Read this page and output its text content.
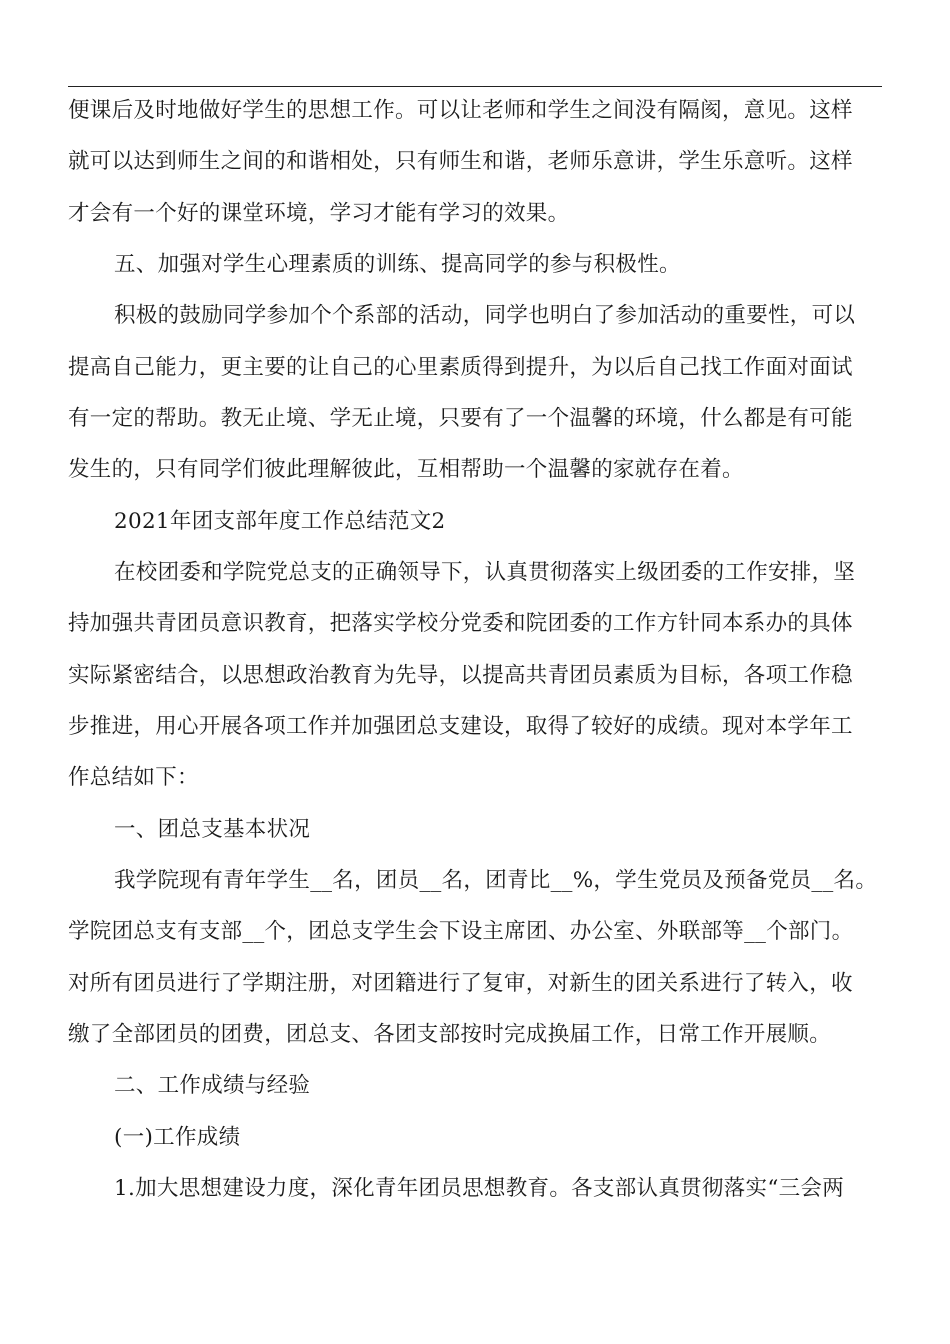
便课后及时地做好学生的思想工作。可以让老师和学生之间没有隔阂，意见。这样
就可以达到师生之间的和谐相处，只有师生和谐，老师乐意讲，学生乐意听。这样
才会有一个好的课堂环境，学习才能有学习的效果。
五、加强对学生心理素质的训练、提高同学的参与积极性。
积极的鼓励同学参加个个系部的活动，同学也明白了参加活动的重要性，可以
提高自己能力，更主要的让自己的心里素质得到提升，为以后自己找工作面对面试
有一定的帮助。教无止境、学无止境，只要有了一个温馨的环境，什么都是有可能
发生的，只有同学们彼此理解彼此，互相帮助一个温馨的家就存在着。
2021年团支部年度工作总结范文2
在校团委和学院党总支的正确领导下，认真贯彻落实上级团委的工作安排，坚
持加强共青团员意识教育，把落实学校分党委和院团委的工作方针同本系办的具体
实际紧密结合，以思想政治教育为先导，以提高共青团员素质为目标，各项工作稳
步推进，用心开展各项工作并加强团总支建设，取得了较好的成绩。现对本学年工
作总结如下：
一、团总支基本状况
我学院现有青年学生__名，团员__名，团青比__%，学生党员及预备党员__名。
学院团总支有支部__个，团总支学生会下设主席团、办公室、外联部等__个部门。
对所有团员进行了学期注册，对团籍进行了复审，对新生的团关系进行了转入，收
缴了全部团员的团费，团总支、各团支部按时完成换届工作，日常工作开展顺。
二、工作成绩与经验
(一)工作成绩
1.加大思想建设力度，深化青年团员思想教育。各支部认真贯彻落实“三会两
